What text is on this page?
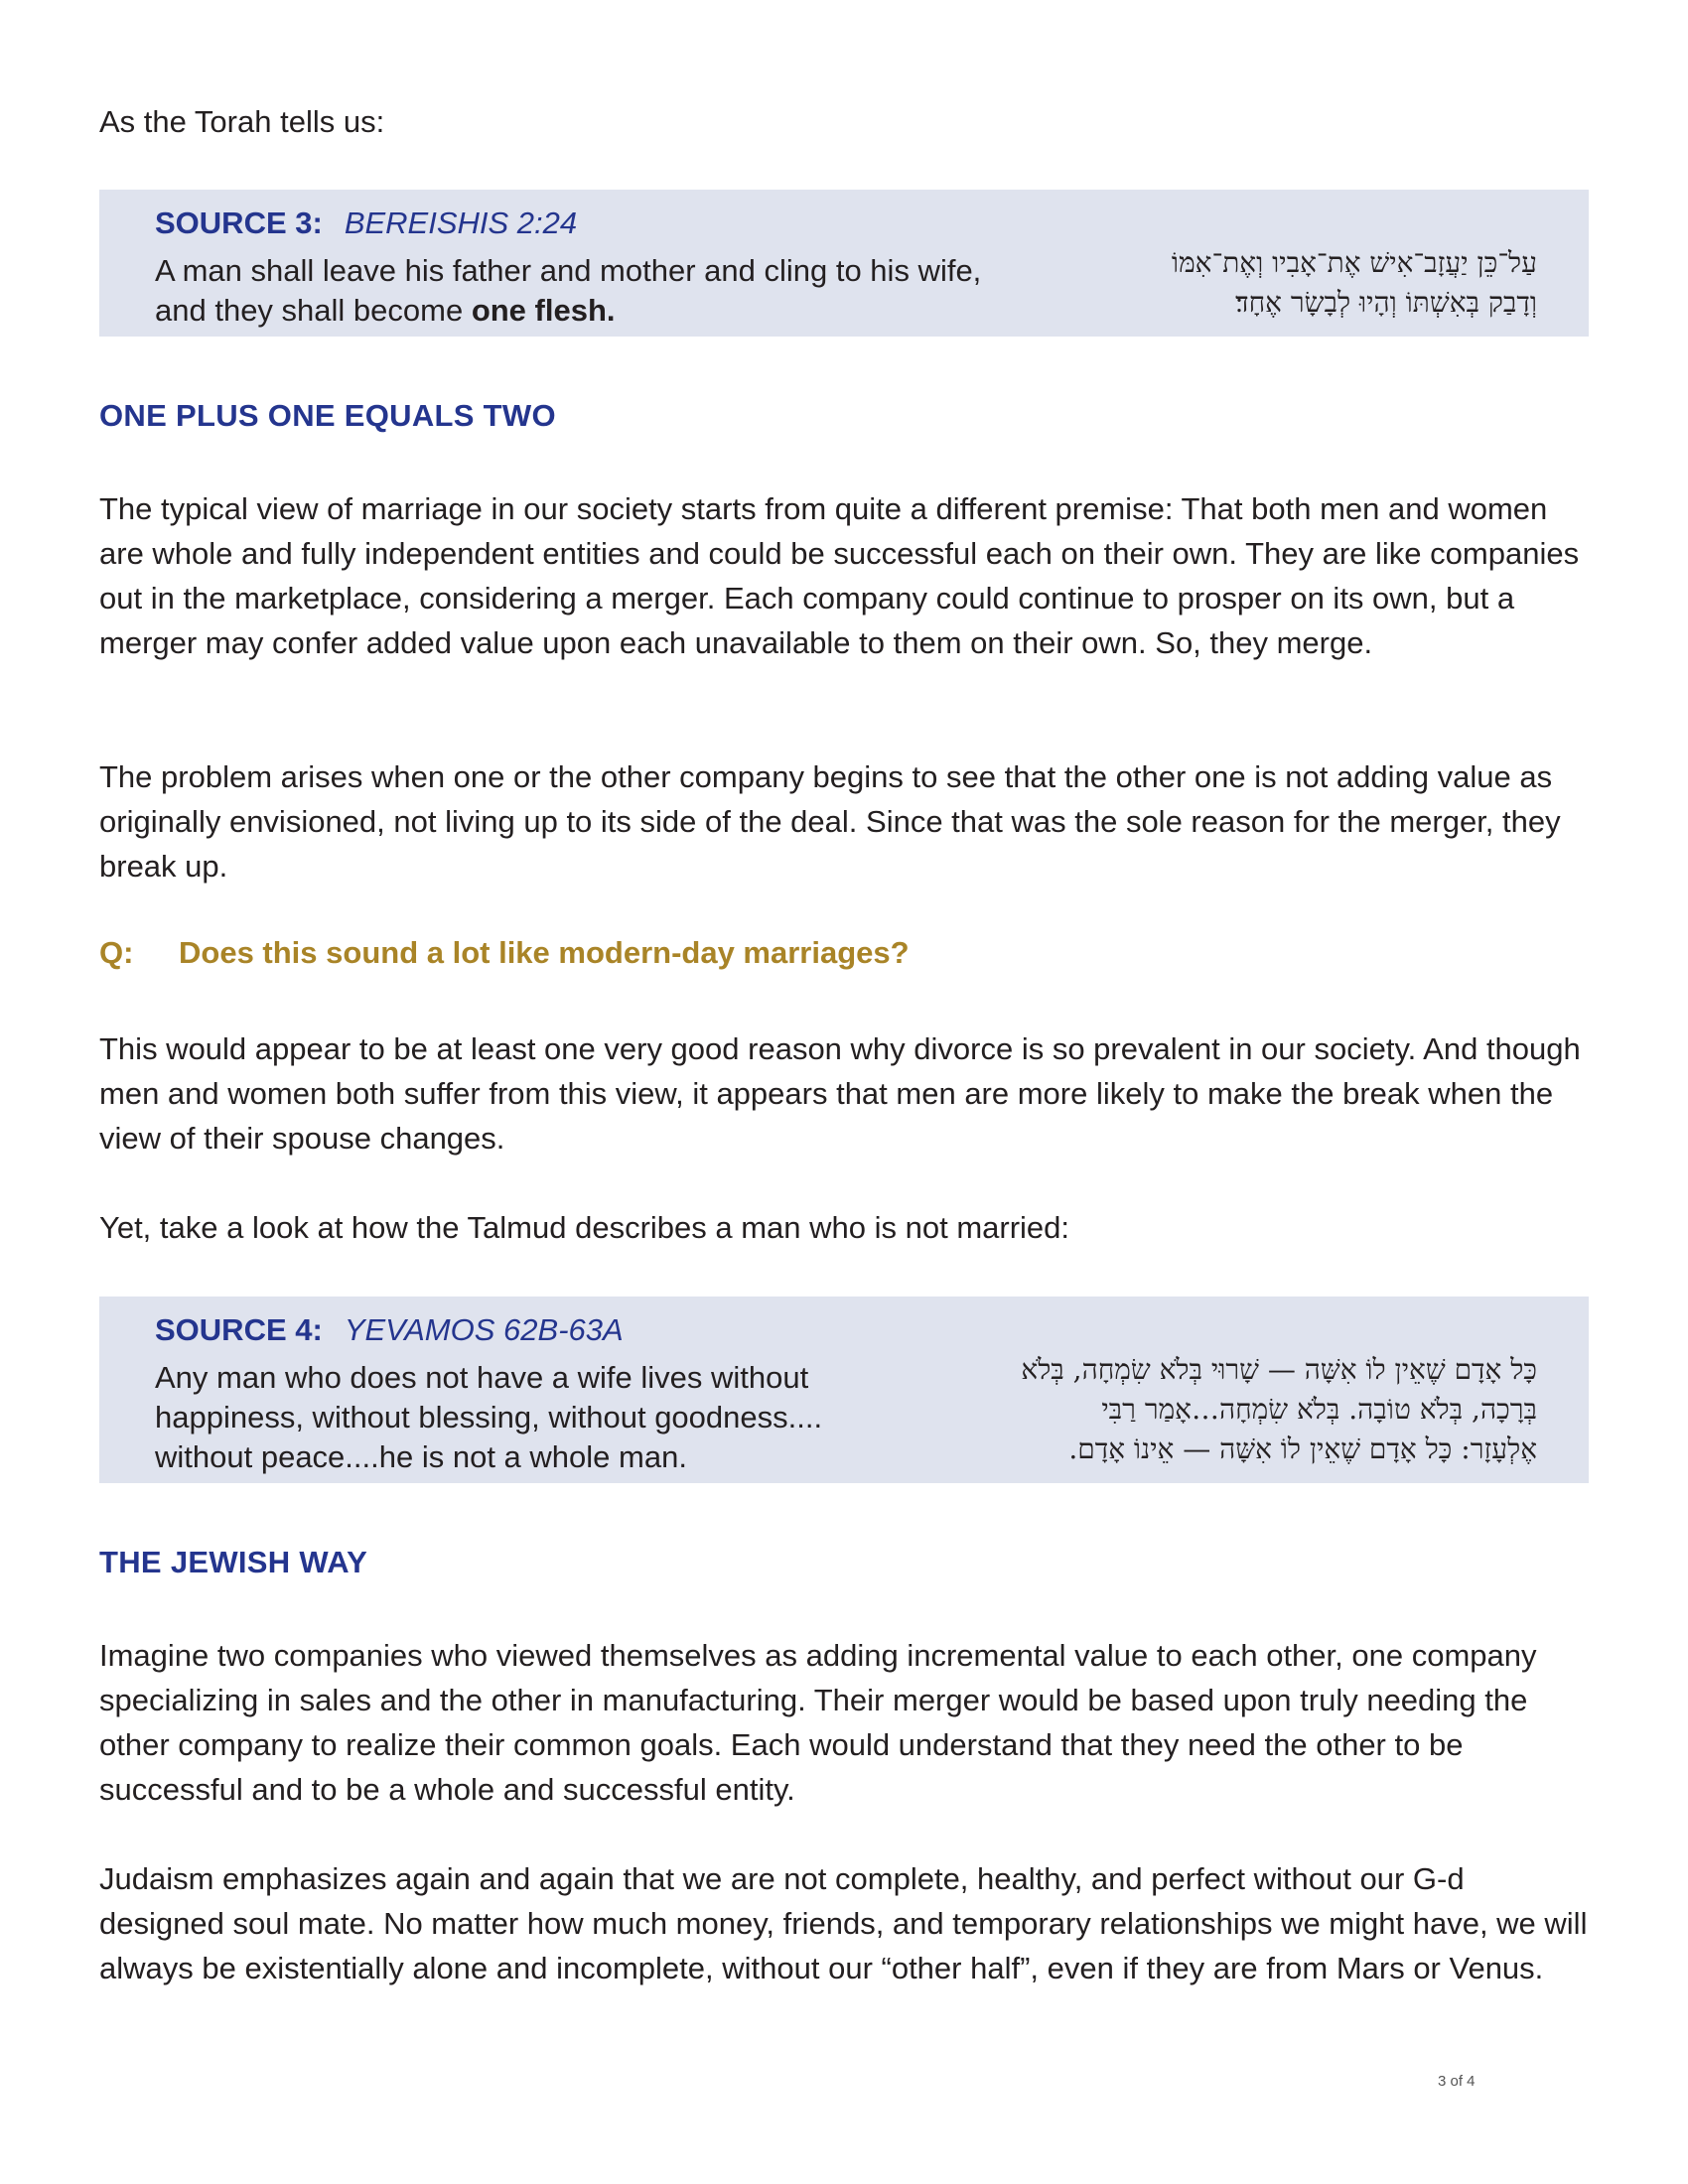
As the Torah tells us:

SOURCE 3: BEREISHIS 2:24

A man shall leave his father and mother and cling to his wife, and they shall become one flesh.

עַל־כֵּן יַעֲזָב־אִישׁ אֶת־אָבִיו וְאֶת־אִמּוֹ
וְדָבַק בְּאִשְׁתּוֹ וְהָיוּ לְבָשָׂר אֶחָד׃
ONE PLUS ONE EQUALS TWO

The typical view of marriage in our society starts from quite a different premise: That both men and women are whole and fully independent entities and could be successful each on their own. They are like companies out in the marketplace, considering a merger. Each company could continue to prosper on its own, but a merger may confer added value upon each unavailable to them on their own. So, they merge.

The problem arises when one or the other company begins to see that the other one is not adding value as originally envisioned, not living up to its side of the deal. Since that was the sole reason for the merger, they break up.

Q: Does this sound a lot like modern-day marriages?

This would appear to be at least one very good reason why divorce is so prevalent in our society. And though men and women both suffer from this view, it appears that men are more likely to make the break when the view of their spouse changes.

Yet, take a look at how the Talmud describes a man who is not married:

SOURCE 4: YEVAMOS 62B-63A

Any man who does not have a wife lives without happiness, without blessing, without goodness.... without peace....he is not a whole man.

כָּל אָדָם שֶׁאֵין לוֹ אִשָּׁה — שָׁרוּי בְּלֹא שִׂמְחָה, בְּלֹא
בְּרָכָה, בְּלֹא טוֹבָה. בְּלֹא שִׂמְחָה…אָמַר רַבִּי
אֶלְעָזָר: כָּל אָדָם שֶׁאֵין לוֹ אִשָּׁה — אֵינוֹ אָדָם.
THE JEWISH WAY

Imagine two companies who viewed themselves as adding incremental value to each other, one company specializing in sales and the other in manufacturing. Their merger would be based upon truly needing the other company to realize their common goals. Each would understand that they need the other to be successful and to be a whole and successful entity.

Judaism emphasizes again and again that we are not complete, healthy, and perfect without our G-d designed soul mate. No matter how much money, friends, and temporary relationships we might have, we will always be existentially alone and incomplete, without our “other half”, even if they are from Mars or Venus.

3 of 4
